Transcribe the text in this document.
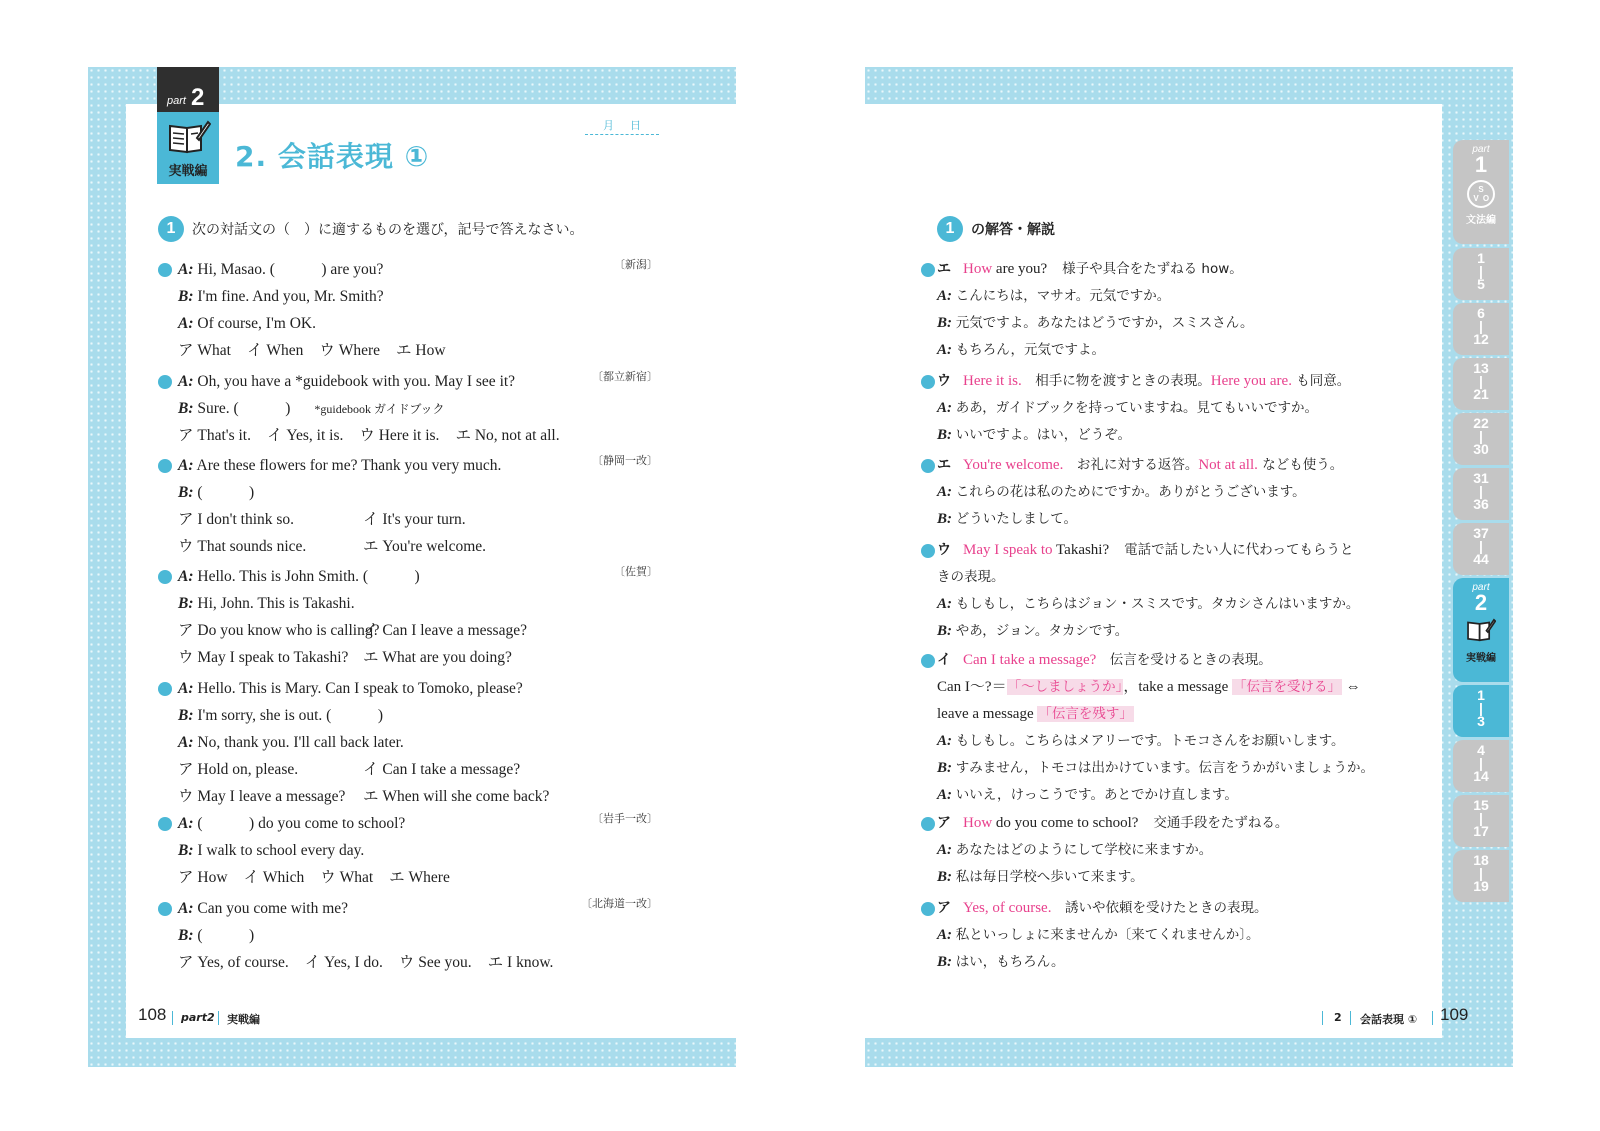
part 2
実戦編 2. 会話表現 ①
月 日
1	次の対話文の（　）に適するものを選び，記号で答えなさい。
〔新潟〕
A: Hi, Masao. (　　　) are you?
B: I'm fine. And you, Mr. Smith?
A: Of course, I'm OK.
ア What イ When ウ Where エ How
〔都立新宿〕
A: Oh, you have a *guidebook with you. May I see it?
B: Sure. (　　　) *guidebook ガイドブック
ア That's it. イ Yes, it is. ウ Here it is. エ No, not at all.
〔静岡一改〕
A: Are these flowers for me? Thank you very much.
B: (　　　)
ア I don't think so.	イ It's your turn.
ウ That sounds nice.	エ You're welcome.
〔佐賀〕
A: Hello. This is John Smith. (　　　)
B: Hi, John. This is Takashi.
ア Do you know who is calling?イ Can I leave a message?
ウ May I speak to Takashi? エ What are you doing?
A: Hello. This is Mary. Can I speak to Tomoko, please?
B: I'm sorry, she is out. (　　　)
A: No, thank you. I'll call back later.
ア Hold on, please.	イ Can I take a message?
ウ May I leave a message? エ When will she come back?
〔岩手一改〕
A: (　　　) do you come to school?
B: I walk to school every day.
ア How イ Which ウ What エ Where
〔北海道一改〕
A: Can you come with me?
B: (　　　)
ア Yes, of course. イ Yes, I do. ウ See you. エ I know.
108 part2 実戦編
1	の解答・解説
エ How are you?　様子や具合をたずねる how。
A: こんにちは，マサオ。元気ですか。
B: 元気ですよ。あなたはどうですか，スミスさん。
A: もちろん，元気ですよ。
ウ Here it is.　相手に物を渡すときの表現。Here you are. も同意。
A: ああ，ガイドブックを持っていますね。見てもいいですか。
B: いいですよ。はい，どうぞ。
エ You're welcome.　お礼に対する返答。Not at all. なども使う。
A: これらの花は私のためにですか。ありがとうございます。
B: どういたしまして。
ウ May I speak to Takashi?　電話で話したい人に代わってもらうと
きの表現。
A: もしもし，こちらはジョン・スミスです。タカシさんはいますか。
B: やあ，ジョン。タカシです。
イ Can I take a message?　伝言を受けるときの表現。
Can I～?＝「～しましょうか」，take a message 「伝言を受ける」 ⇔
leave a message 「伝言を残す」
A: もしもし。こちらはメアリーです。トモコさんをお願いします。
B: すみません，トモコは出かけています。伝言をうかがいましょうか。
A: いいえ，けっこうです。あとでかけ直します。
ア How do you come to school?　交通手段をたずねる。
A: あなたはどのようにして学校に来ますか。
B: 私は毎日学校へ歩いて来ます。
ア Yes, of course.　誘いや依頼を受けたときの表現。
A: 私といっしょに来ませんか〔来てくれませんか〕。
B: はい，もちろん。
2 会話表現 ① 109
part
1
S
V O
文法編
1
|
5
6
|
12
13
|
21
22
|
30
31
|
36
37
|
44
part
2
実戦編
1
|
3
4
|
14
15
|
17
18
|
19
